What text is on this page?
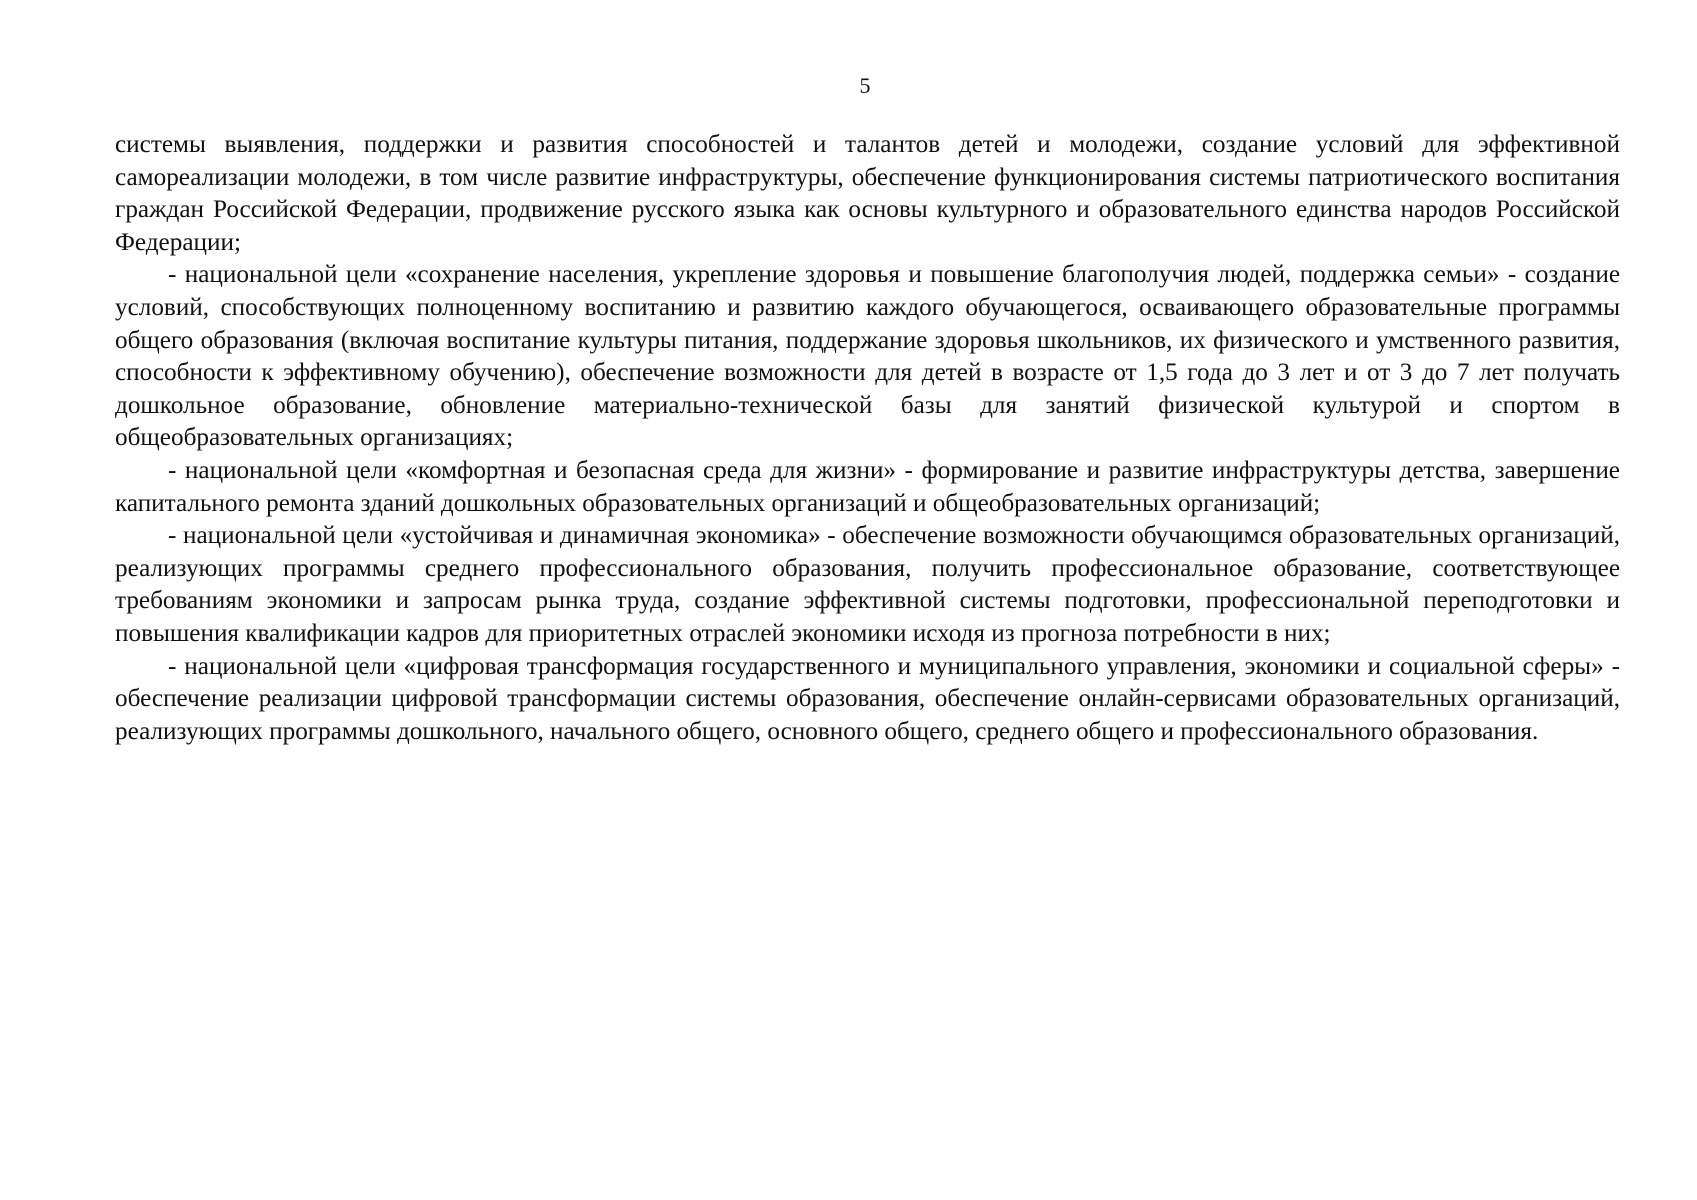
5

системы выявления, поддержки и развития способностей и талантов детей и молодежи, создание условий для эффективной самореализации молодежи, в том числе развитие инфраструктуры, обеспечение функционирования системы патриотического воспитания граждан Российской Федерации, продвижение русского языка как основы культурного и образовательного единства народов Российской Федерации;

- национальной цели «сохранение населения, укрепление здоровья и повышение благополучия людей, поддержка семьи» - создание условий, способствующих полноценному воспитанию и развитию каждого обучающегося, осваивающего образовательные программы общего образования (включая воспитание культуры питания, поддержание здоровья школьников, их физического и умственного развития, способности к эффективному обучению), обеспечение возможности для детей в возрасте от 1,5 года до 3 лет и от 3 до 7 лет получать дошкольное образование, обновление материально-технической базы для занятий физической культурой и спортом в общеобразовательных организациях;

- национальной цели «комфортная и безопасная среда для жизни» - формирование и развитие инфраструктуры детства, завершение капитального ремонта зданий дошкольных образовательных организаций и общеобразовательных организаций;

- национальной цели «устойчивая и динамичная экономика» - обеспечение возможности обучающимся образовательных организаций, реализующих программы среднего профессионального образования, получить профессиональное образование, соответствующее требованиям экономики и запросам рынка труда, создание эффективной системы подготовки, профессиональной переподготовки и повышения квалификации кадров для приоритетных отраслей экономики исходя из прогноза потребности в них;

- национальной цели «цифровая трансформация государственного и муниципального управления, экономики и социальной сферы» - обеспечение реализации цифровой трансформации системы образования, обеспечение онлайн-сервисами образовательных организаций, реализующих программы дошкольного, начального общего, основного общего, среднего общего и профессионального образования.
